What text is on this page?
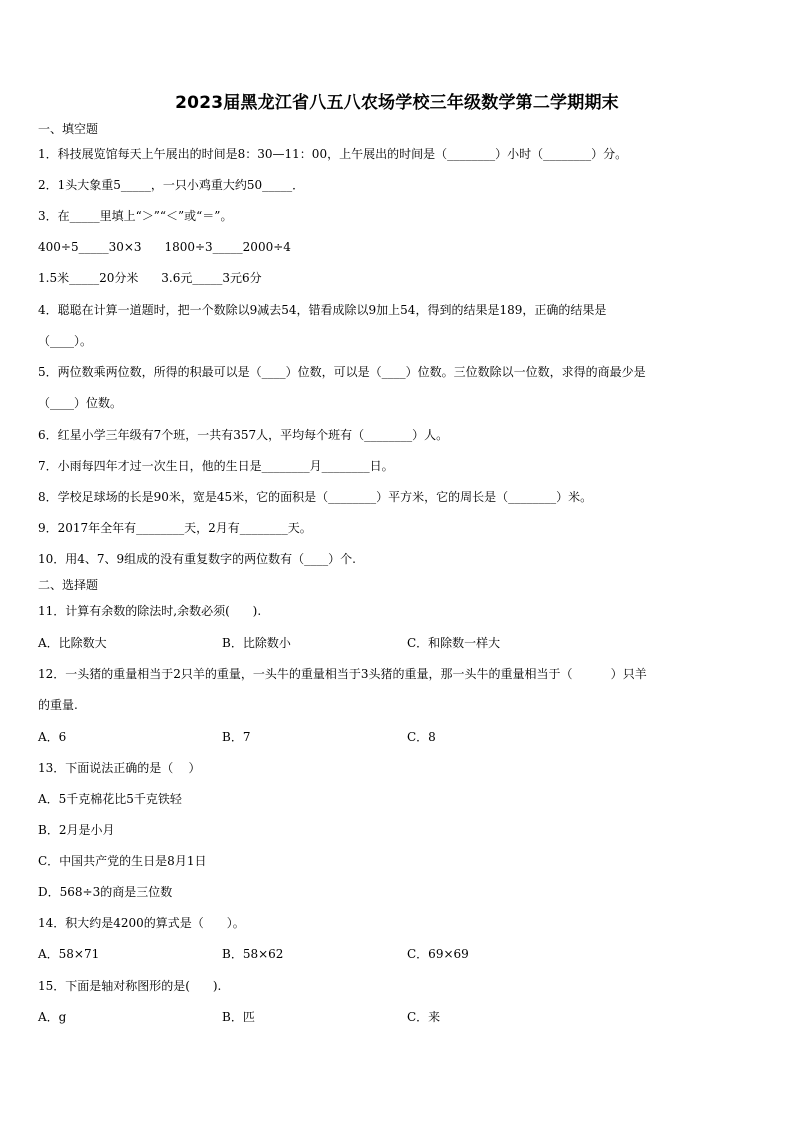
2023届黑龙江省八五八农场学校三年级数学第二学期期末
一、填空题
1．科技展览馆每天上午展出的时间是8：30—11：00，上午展出的时间是（________）小时（________）分。
2．1头大象重5_____，一只小鸡重大约50_____．
3．在_____里填上“＞”“＜”或“＝”。
400÷5_____30×3      1800÷3_____2000÷4
1.5米_____20分米      3.6元_____3元6分
4．聪聪在计算一道题时，把一个数除以9减去54，错看成除以9加上54，得到的结果是189，正确的结果是
（____）。
5．两位数乘两位数，所得的积最可以是（____）位数，可以是（____）位数。三位数除以一位数，求得的商最少是
（____）位数。
6．红星小学三年级有7个班，一共有357人，平均每个班有（________）人。
7．小雨每四年才过一次生日，他的生日是________月________日。
8．学校足球场的长是90米，宽是45米，它的面积是（________）平方米，它的周长是（________）米。
9．2017年全年有________天，2月有________天。
10．用4、7、9组成的没有重复数字的两位数有（____）个.
二、选择题
11．计算有余数的除法时,余数必须(      ).
A．比除数大	B．比除数小	C．和除数一样大
12．一头猪的重量相当于2只羊的重量，一头牛的重量相当于3头猪的重量，那一头牛的重量相当于（          ）只羊
的重量.
A．6	B．7	C．8
13．下面说法正确的是（    ）
A．5千克棉花比5千克铁轻
B．2月是小月
C．中国共产党的生日是8月1日
D．568÷3的商是三位数
14．积大约是4200的算式是（      ）。
A．58×71	B．58×62	C．69×69
15．下面是轴对称图形的是(      ).
A．g	B．匹	C．来
